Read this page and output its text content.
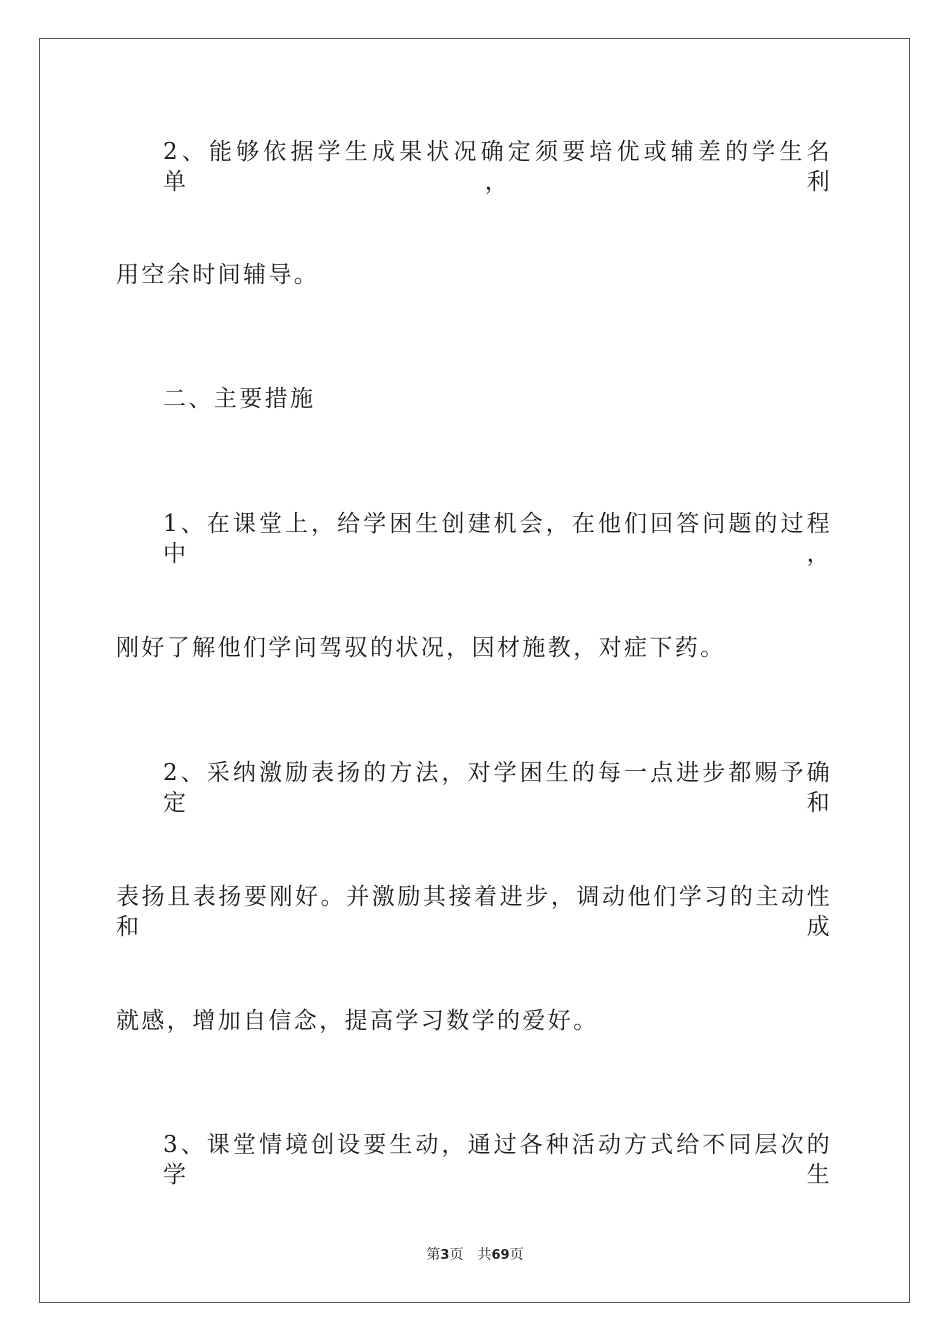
2、能够依据学生成果状况确定须要培优或辅差的学生名单，利
用空余时间辅导。
二、主要措施
1、在课堂上，给学困生创建机会，在他们回答问题的过程中，
刚好了解他们学问驾驭的状况，因材施教，对症下药。
2、采纳激励表扬的方法，对学困生的每一点进步都赐予确定和
表扬且表扬要刚好。并激励其接着进步，调动他们学习的主动性和成
就感，增加自信念，提高学习数学的爱好。
3、课堂情境创设要生动，通过各种活动方式给不同层次的学生
第3页 共69页
